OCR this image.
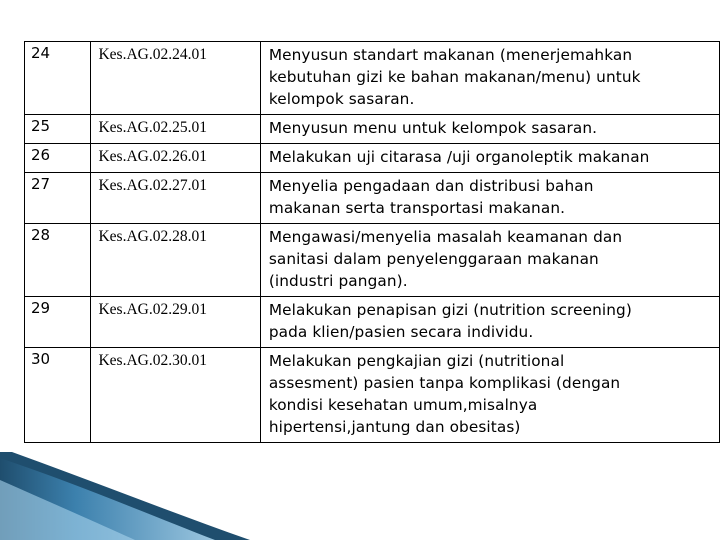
24	Kes.AG.02.24.01	Menyusun standart makanan (menerjemahkan
kebutuhan gizi ke bahan makanan/menu) untuk
kelompok sasaran.

25	Kes.AG.02.25.01	Menyusun menu untuk kelompok sasaran.

26	Kes.AG.02.26.01	Melakukan uji citarasa /uji organoleptik makanan

27	Kes.AG.02.27.01	Menyelia pengadaan dan distribusi bahan
makanan serta transportasi makanan.

28	Kes.AG.02.28.01	Mengawasi/menyelia masalah keamanan dan
sanitasi dalam penyelenggaraan makanan
(industri pangan).

29	Kes.AG.02.29.01	Melakukan penapisan gizi (nutrition screening)
pada klien/pasien secara individu.

30	Kes.AG.02.30.01	Melakukan pengkajian gizi (nutritional
assesment) pasien tanpa komplikasi (dengan
kondisi kesehatan umum,misalnya
hipertensi,jantung dan obesitas)
